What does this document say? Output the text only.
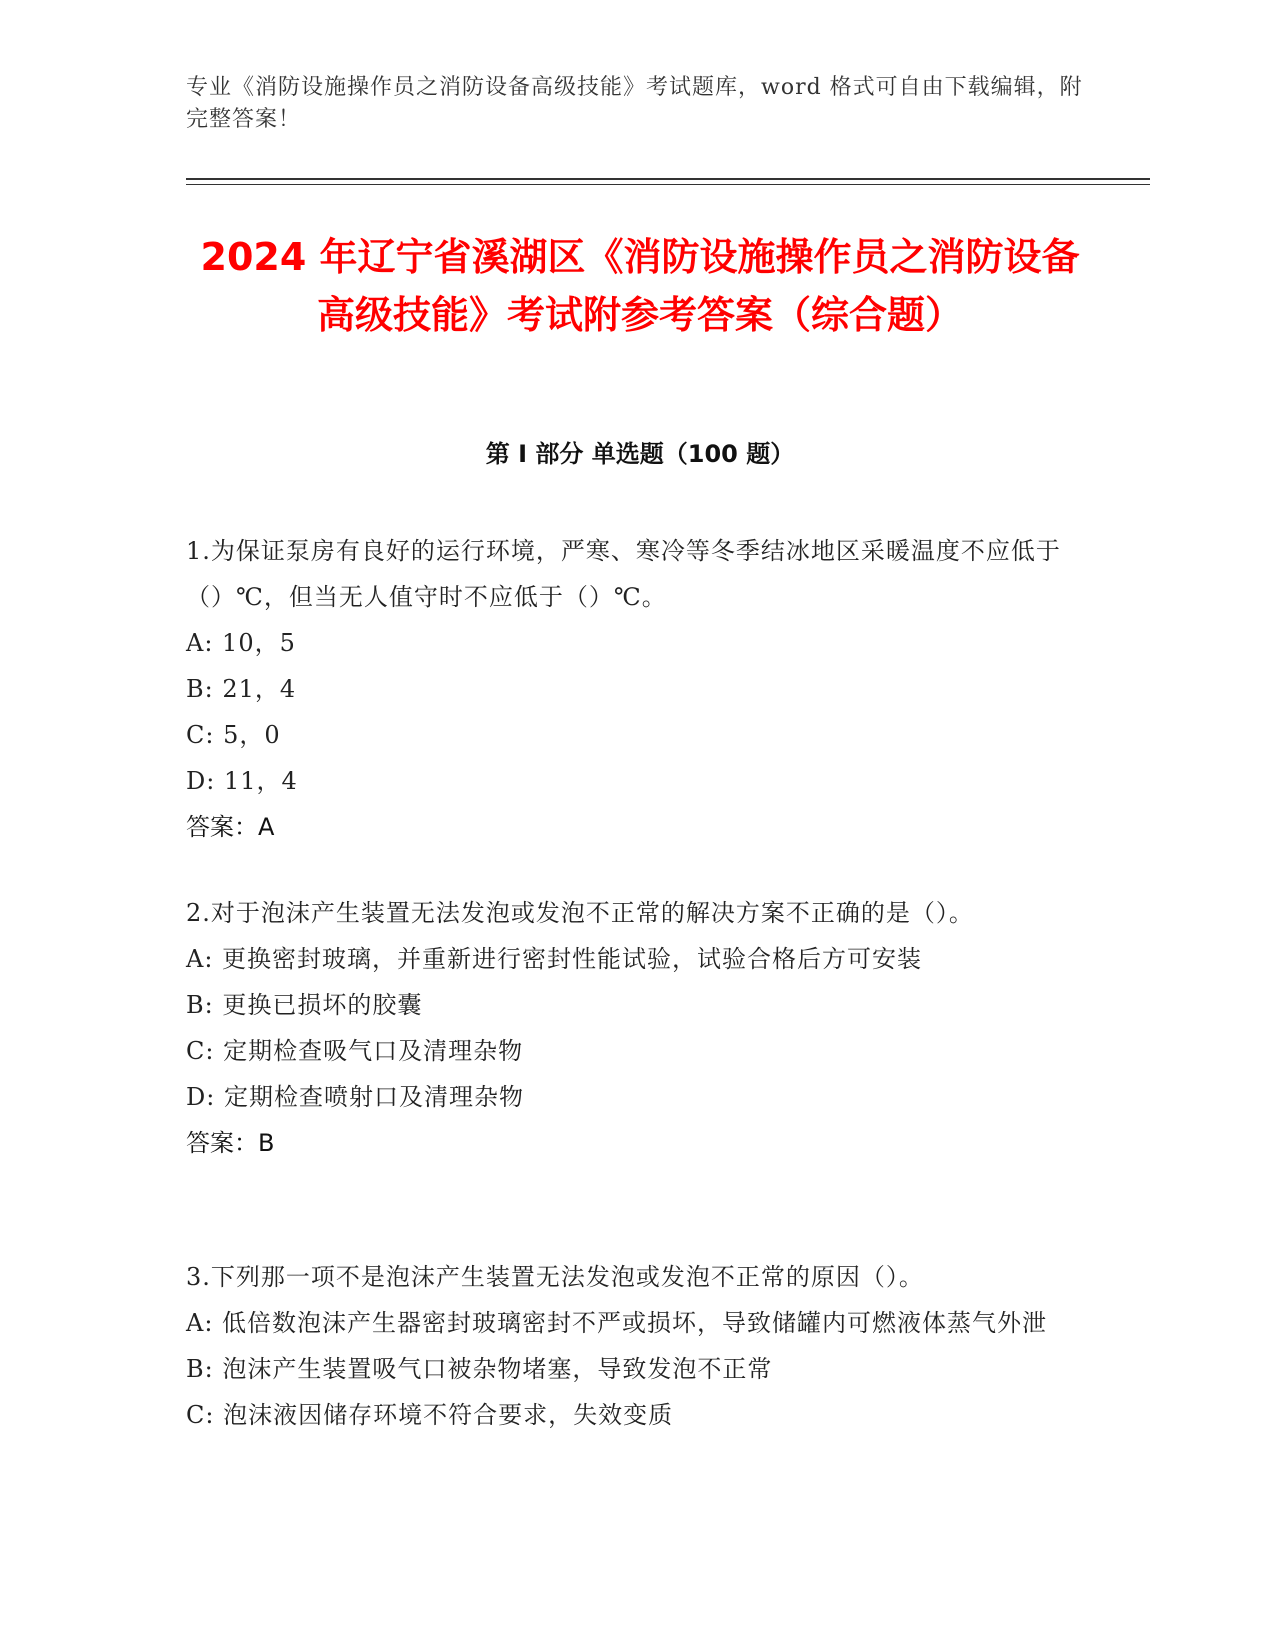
专业《消防设施操作员之消防设备高级技能》考试题库，word 格式可自由下载编辑，附完整答案！
2024 年辽宁省溪湖区《消防设施操作员之消防设备高级技能》考试附参考答案（综合题）
第 I 部分 单选题（100 题）
1.为保证泵房有良好的运行环境，严寒、寒冷等冬季结冰地区采暖温度不应低于（）℃，但当无人值守时不应低于（）℃。
A: 10，5
B: 21，4
C: 5，0
D: 11，4
答案：A
2.对于泡沫产生装置无法发泡或发泡不正常的解决方案不正确的是（）。
A: 更换密封玻璃，并重新进行密封性能试验，试验合格后方可安装
B: 更换已损坏的胶囊
C: 定期检查吸气口及清理杂物
D: 定期检查喷射口及清理杂物
答案：B
3.下列那一项不是泡沫产生装置无法发泡或发泡不正常的原因（）。
A: 低倍数泡沫产生器密封玻璃密封不严或损坏，导致储罐内可燃液体蒸气外泄
B: 泡沫产生装置吸气口被杂物堵塞，导致发泡不正常
C: 泡沫液因储存环境不符合要求，失效变质
